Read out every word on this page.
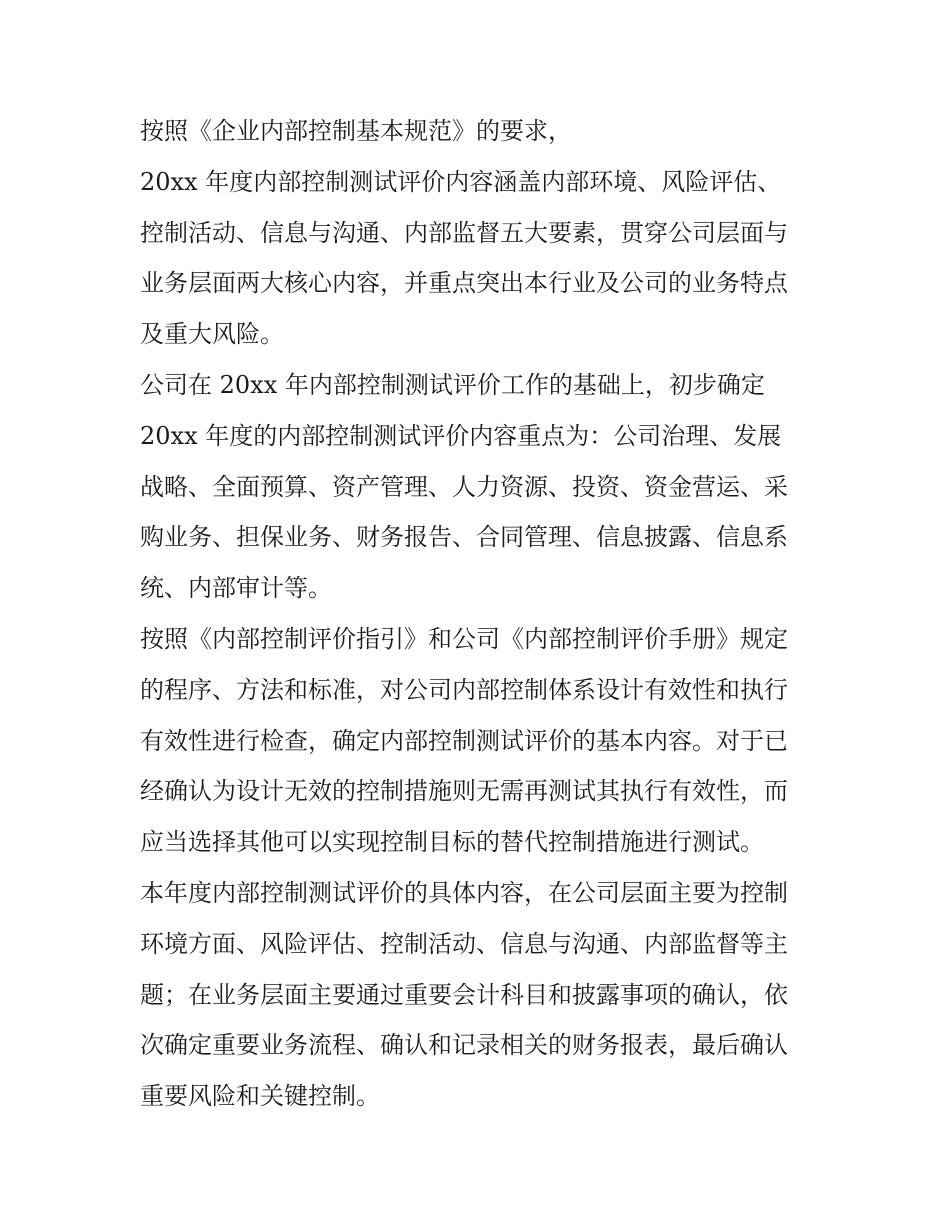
按照《企业内部控制基本规范》的要求，
20xx 年度内部控制测试评价内容涵盖内部环境、风险评估、
控制活动、信息与沟通、内部监督五大要素，贯穿公司层面与
业务层面两大核心内容，并重点突出本行业及公司的业务特点
及重大风险。
公司在 20xx 年内部控制测试评价工作的基础上，初步确定
20xx 年度的内部控制测试评价内容重点为：公司治理、发展
战略、全面预算、资产管理、人力资源、投资、资金营运、采
购业务、担保业务、财务报告、合同管理、信息披露、信息系
统、内部审计等。
按照《内部控制评价指引》和公司《内部控制评价手册》规定
的程序、方法和标准，对公司内部控制体系设计有效性和执行
有效性进行检查，确定内部控制测试评价的基本内容。对于已
经确认为设计无效的控制措施则无需再测试其执行有效性，而
应当选择其他可以实现控制目标的替代控制措施进行测试。
本年度内部控制测试评价的具体内容，在公司层面主要为控制
环境方面、风险评估、控制活动、信息与沟通、内部监督等主
题；在业务层面主要通过重要会计科目和披露事项的确认，依
次确定重要业务流程、确认和记录相关的财务报表，最后确认
重要风险和关键控制。
